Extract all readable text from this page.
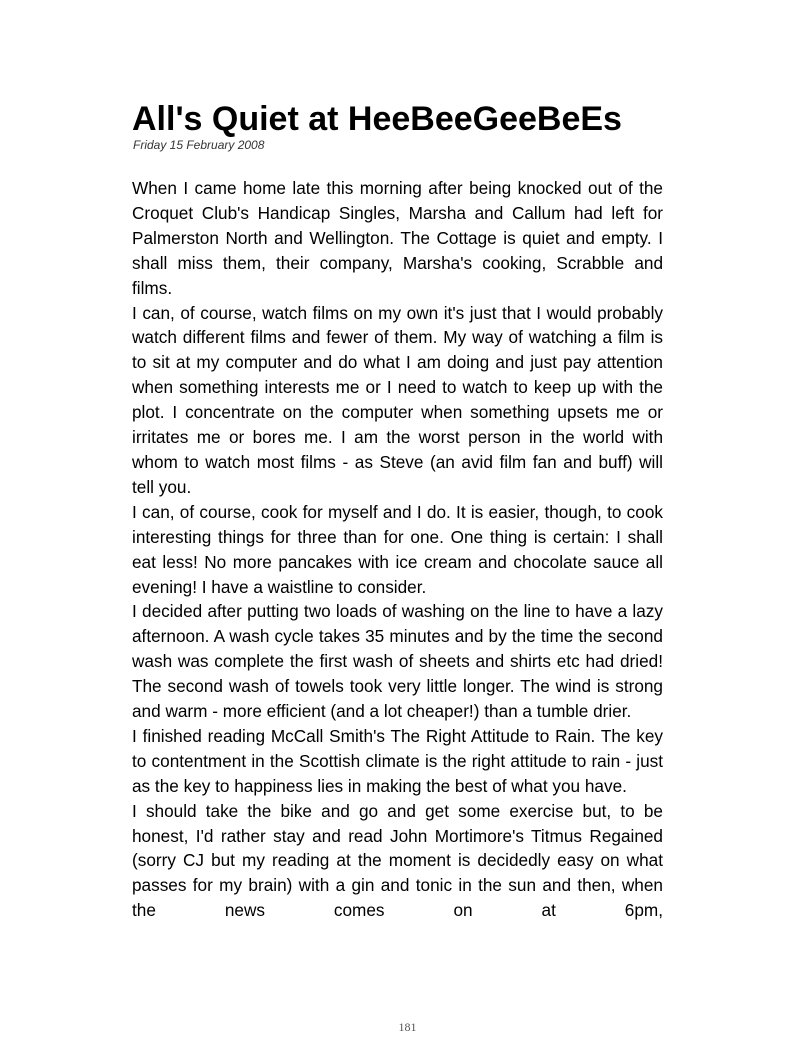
All's Quiet at HeeBeeGeeBeEs
Friday 15 February 2008

When I came home late this morning after being knocked out of the Croquet Club's Handicap Singles, Marsha and Callum had left for Palmerston North and Wellington. The Cottage is quiet and empty. I shall miss them, their company, Marsha's cooking, Scrabble and films.

I can, of course, watch films on my own it's just that I would probably watch different films and fewer of them. My way of watching a film is to sit at my computer and do what I am doing and just pay attention when something interests me or I need to watch to keep up with the plot. I concentrate on the computer when something upsets me or irritates me or bores me. I am the worst person in the world with whom to watch most films - as Steve (an avid film fan and buff) will tell you.

I can, of course, cook for myself and I do. It is easier, though, to cook interesting things for three than for one. One thing is certain: I shall eat less! No more pancakes with ice cream and chocolate sauce all evening! I have a waistline to consider.

I decided after putting two loads of washing on the line to have a lazy afternoon. A wash cycle takes 35 minutes and by the time the second wash was complete the first wash of sheets and shirts etc had dried! The second wash of towels took very little longer. The wind is strong and warm - more efficient (and a lot cheaper!) than a tumble drier.

I finished reading McCall Smith's The Right Attitude to Rain. The key to contentment in the Scottish climate is the right attitude to rain - just as the key to happiness lies in making the best of what you have.

I should take the bike and go and get some exercise but, to be honest, I'd rather stay and read John Mortimore's Titmus Regained (sorry CJ but my reading at the moment is decidedly easy on what passes for my brain) with a gin and tonic in the sun and then, when the news comes on at 6pm,

181
